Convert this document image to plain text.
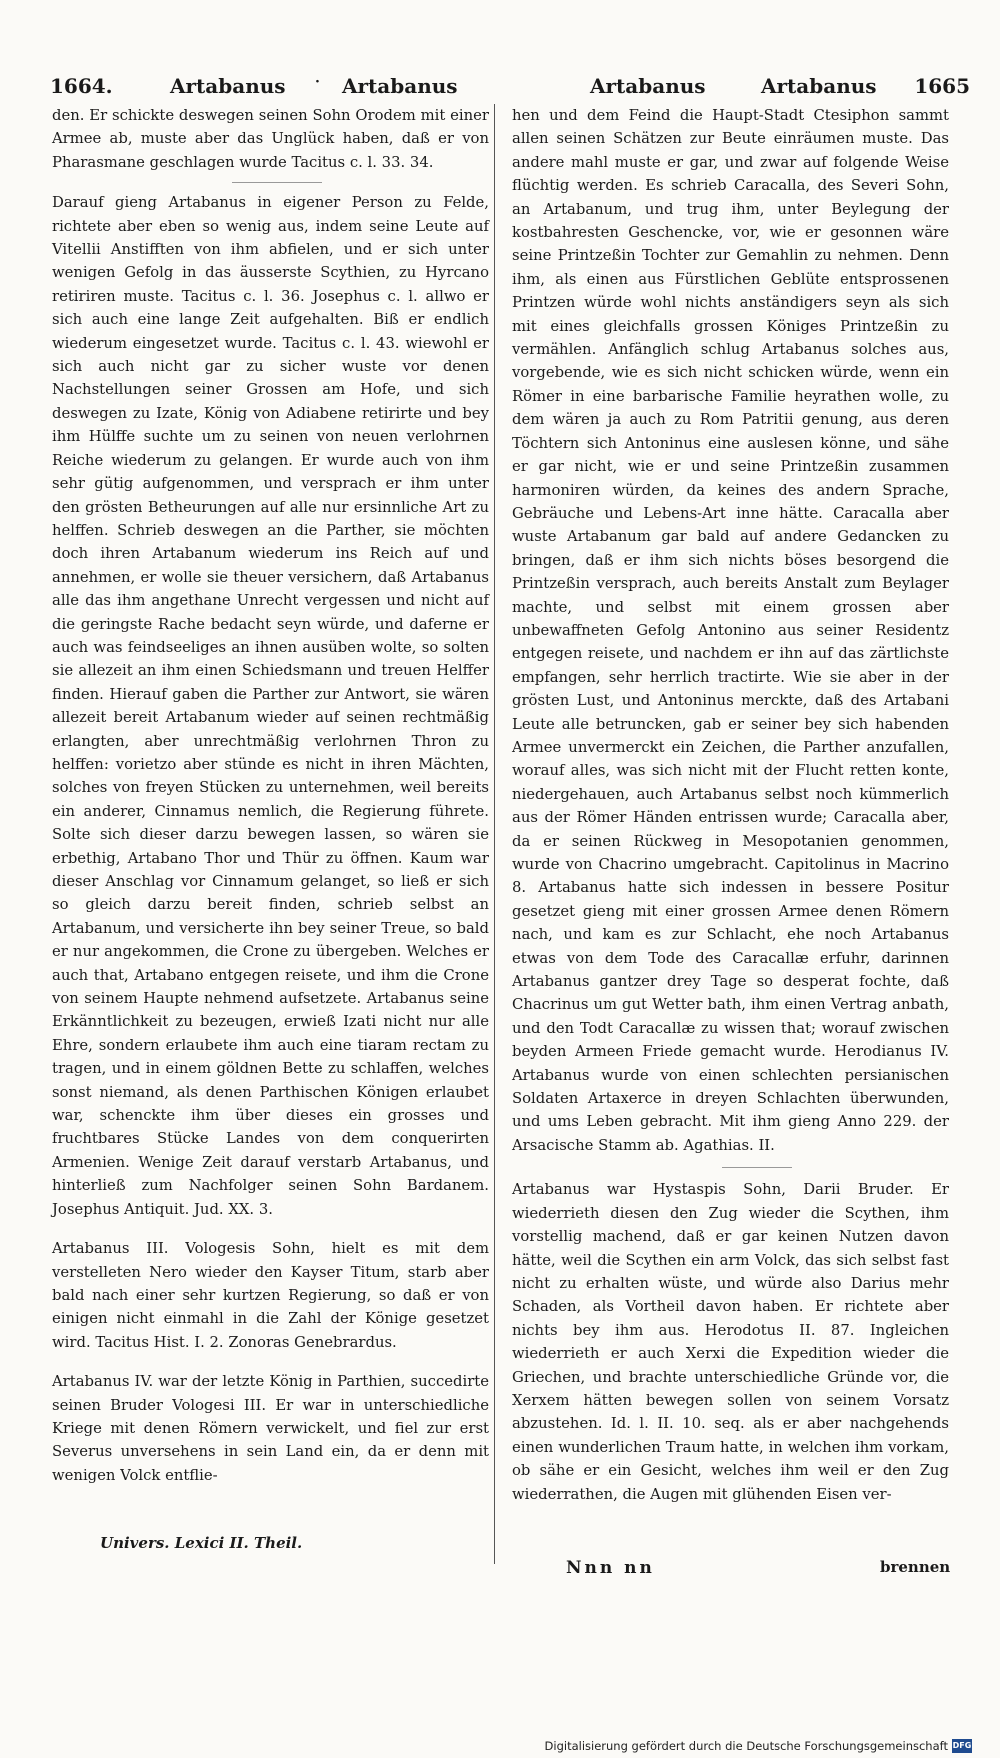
1664.	Artabanus · Artabanus	Artabanus	Artabanus 1665

den. Er schickte deswegen seinen Sohn Orodem mit einer Armee ab, muste aber das Unglück haben, daß er von Pharasmane geschlagen wurde Tacitus c. l. 33. 34.

Darauf gieng Artabanus in eigener Person zu Felde, richtete aber eben so wenig aus, indem seine Leute auf Vitellii Anstifften von ihm abfielen, und er sich unter wenigen Gefolg in das äusserste Scythien, zu Hyrcano retiriren muste. Tacitus c. l. 36. Josephus c. l. allwo er sich auch eine lange Zeit aufgehalten. Biß er endlich wiederum eingesetzet wurde. Tacitus c. l. 43. wiewohl er sich auch nicht gar zu sicher wuste vor denen Nachstellungen seiner Grossen am Hofe, und sich deswegen zu Izate, König von Adiabene retirirte und bey ihm Hülffe suchte um zu seinen von neuen verlohrnen Reiche wiederum zu gelangen. Er wurde auch von ihm sehr gütig aufgenommen, und versprach er ihm unter den grösten Betheurungen auf alle nur ersinnliche Art zu helffen. Schrieb deswegen an die Parther, sie möchten doch ihren Artabanum wiederum ins Reich auf und annehmen, er wolle sie theuer versichern, daß Artabanus alle das ihm angethane Unrecht vergessen und nicht auf die geringste Rache bedacht seyn würde, und daferne er auch was feindseeliges an ihnen ausüben wolte, so solten sie allezeit an ihm einen Schiedsmann und treuen Helffer finden. Hierauf gaben die Parther zur Antwort, sie wären allezeit bereit Artabanum wieder auf seinen rechtmäßig erlangten, aber unrechtmäßig verlohrnen Thron zu helffen: vorietzo aber stünde es nicht in ihren Mächten, solches von freyen Stücken zu unternehmen, weil bereits ein anderer, Cinnamus nemlich, die Regierung führete. Solte sich dieser darzu bewegen lassen, so wären sie erbethig, Artabano Thor und Thür zu öffnen. Kaum war dieser Anschlag vor Cinnamum gelanget, so ließ er sich so gleich darzu bereit finden, schrieb selbst an Artabanum, und versicherte ihn bey seiner Treue, so bald er nur angekommen, die Crone zu übergeben. Welches er auch that, Artabano entgegen reisete, und ihm die Crone von seinem Haupte nehmend aufsetzete. Artabanus seine Erkänntlichkeit zu bezeugen, erwieß Izati nicht nur alle Ehre, sondern erlaubete ihm auch eine tiaram rectam zu tragen, und in einem göldnen Bette zu schlaffen, welches sonst niemand, als denen Parthischen Königen erlaubet war, schenckte ihm über dieses ein grosses und fruchtbares Stücke Landes von dem conquerirten Armenien. Wenige Zeit darauf verstarb Artabanus, und hinterließ zum Nachfolger seinen Sohn Bardanem. Josephus Antiquit. Jud. XX. 3.

Artabanus III. Vologesis Sohn, hielt es mit dem verstelleten Nero wieder den Kayser Titum, starb aber bald nach einer sehr kurtzen Regierung, so daß er von einigen nicht einmahl in die Zahl der Könige gesetzet wird. Tacitus Hist. I. 2. Zonoras Genebrardus.

Artabanus IV. war der letzte König in Parthien, succedirte seinen Bruder Vologesi III. Er war in unterschiedliche Kriege mit denen Römern verwickelt, und fiel zur erst Severus unversehens in sein Land ein, da er denn mit wenigen Volck entflie-

hen und dem Feind die Haupt-Stadt Ctesiphon sammt allen seinen Schätzen zur Beute einräumen muste. Das andere mahl muste er gar, und zwar auf folgende Weise flüchtig werden. Es schrieb Caracalla, des Severi Sohn, an Artabanum, und trug ihm, unter Beylegung der kostbahresten Geschencke, vor, wie er gesonnen wäre seine Printzeßin Tochter zur Gemahlin zu nehmen. Denn ihm, als einen aus Fürstlichen Geblüte entsprossenen Printzen würde wohl nichts anständigers seyn als sich mit eines gleichfalls grossen Königes Printzeßin zu vermählen. Anfänglich schlug Artabanus solches aus, vorgebende, wie es sich nicht schicken würde, wenn ein Römer in eine barbarische Familie heyrathen wolle, zu dem wären ja auch zu Rom Patritii genung, aus deren Töchtern sich Antoninus eine auslesen könne, und sähe er gar nicht, wie er und seine Printzeßin zusammen harmoniren würden, da keines des andern Sprache, Gebräuche und Lebens-Art inne hätte. Caracalla aber wuste Artabanum gar bald auf andere Gedancken zu bringen, daß er ihm sich nichts böses besorgend die Printzeßin versprach, auch bereits Anstalt zum Beylager machte, und selbst mit einem grossen aber unbewaffneten Gefolg Antonino aus seiner Residentz entgegen reisete, und nachdem er ihn auf das zärtlichste empfangen, sehr herrlich tractirte. Wie sie aber in der grösten Lust, und Antoninus merckte, daß des Artabani Leute alle betruncken, gab er seiner bey sich habenden Armee unvermerckt ein Zeichen, die Parther anzufallen, worauf alles, was sich nicht mit der Flucht retten konte, niedergehauen, auch Artabanus selbst noch kümmerlich aus der Römer Händen entrissen wurde; Caracalla aber, da er seinen Rückweg in Mesopotanien genommen, wurde von Chacrino umgebracht. Capitolinus in Macrino 8. Artabanus hatte sich indessen in bessere Positur gesetzet gieng mit einer grossen Armee denen Römern nach, und kam es zur Schlacht, ehe noch Artabanus etwas von dem Tode des Caracallæ erfuhr, darinnen Artabanus gantzer drey Tage so desperat fochte, daß Chacrinus um gut Wetter bath, ihm einen Vertrag anbath, und den Todt Caracallæ zu wissen that; worauf zwischen beyden Armeen Friede gemacht wurde. Herodianus IV. Artabanus wurde von einen schlechten persianischen Soldaten Artaxerce in dreyen Schlachten überwunden, und ums Leben gebracht. Mit ihm gieng Anno 229. der Arsacische Stamm ab. Agathias. II.

Artabanus war Hystaspis Sohn, Darii Bruder. Er wiederrieth diesen den Zug wieder die Scythen, ihm vorstellig machend, daß er gar keinen Nutzen davon hätte, weil die Scythen ein arm Volck, das sich selbst fast nicht zu erhalten wüste, und würde also Darius mehr Schaden, als Vortheil davon haben. Er richtete aber nichts bey ihm aus. Herodotus II. 87. Ingleichen wiederrieth er auch Xerxi die Expedition wieder die Griechen, und brachte unterschiedliche Gründe vor, die Xerxem hätten bewegen sollen von seinem Vorsatz abzustehen. Id. l. II. 10. seq. als er aber nachgehends einen wunderlichen Traum hatte, in welchen ihm vorkam, ob sähe er ein Gesicht, welches ihm weil er den Zug wiederrathen, die Augen mit glühenden Eisen ver-

Univers. Lexici II. Theil.
Nnn nn	brennen
Digitalisierung gefördert durch die Deutsche Forschungsgemeinschaft DFG
